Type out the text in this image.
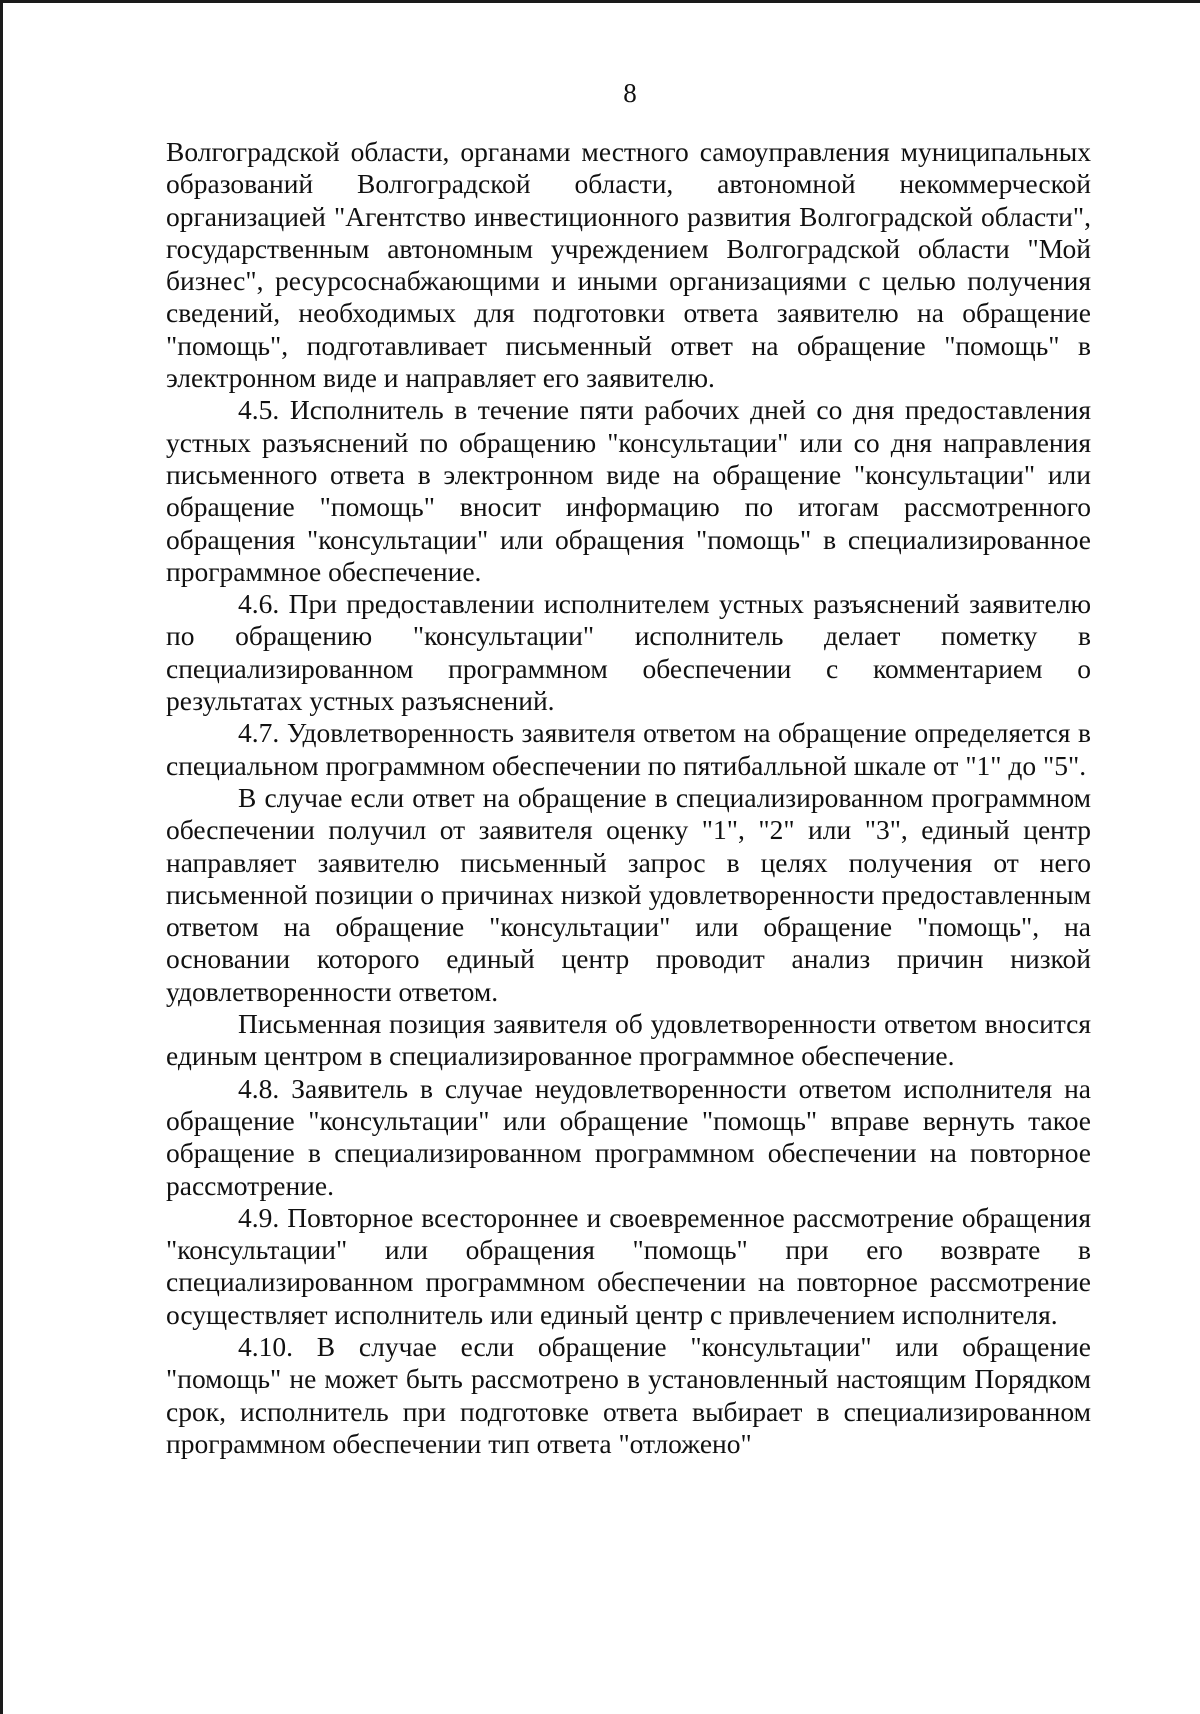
8

Волгоградской области, органами местного самоуправления муниципальных образований Волгоградской области, автономной некоммерческой организацией "Агентство инвестиционного развития Волгоградской области", государственным автономным учреждением Волгоградской области "Мой бизнес", ресурсоснабжающими и иными организациями с целью получения сведений, необходимых для подготовки ответа заявителю на обращение "помощь", подготавливает письменный ответ на обращение "помощь" в электронном виде и направляет его заявителю.

4.5. Исполнитель в течение пяти рабочих дней со дня предоставления устных разъяснений по обращению "консультации" или со дня направления письменного ответа в электронном виде на обращение "консультации" или обращение "помощь" вносит информацию по итогам рассмотренного обращения "консультации" или обращения "помощь" в специализированное программное обеспечение.

4.6. При предоставлении исполнителем устных разъяснений заявителю по обращению "консультации" исполнитель делает пометку в специализированном программном обеспечении с комментарием о результатах устных разъяснений.

4.7. Удовлетворенность заявителя ответом на обращение определяется в специальном программном обеспечении по пятибалльной шкале от "1" до "5".

В случае если ответ на обращение в специализированном программном обеспечении получил от заявителя оценку "1", "2" или "3", единый центр направляет заявителю письменный запрос в целях получения от него письменной позиции о причинах низкой удовлетворенности предоставленным ответом на обращение "консультации" или обращение "помощь", на основании которого единый центр проводит анализ причин низкой удовлетворенности ответом.

Письменная позиция заявителя об удовлетворенности ответом вносится единым центром в специализированное программное обеспечение.

4.8. Заявитель в случае неудовлетворенности ответом исполнителя на обращение "консультации" или обращение "помощь" вправе вернуть такое обращение в специализированном программном обеспечении на повторное рассмотрение.

4.9. Повторное всестороннее и своевременное рассмотрение обращения "консультации" или обращения "помощь" при его возврате в специализированном программном обеспечении на повторное рассмотрение осуществляет исполнитель или единый центр с привлечением исполнителя.

4.10. В случае если обращение "консультации" или обращение "помощь" не может быть рассмотрено в установленный настоящим Порядком срок, исполнитель при подготовке ответа выбирает в специализированном программном обеспечении тип ответа "отложено"
